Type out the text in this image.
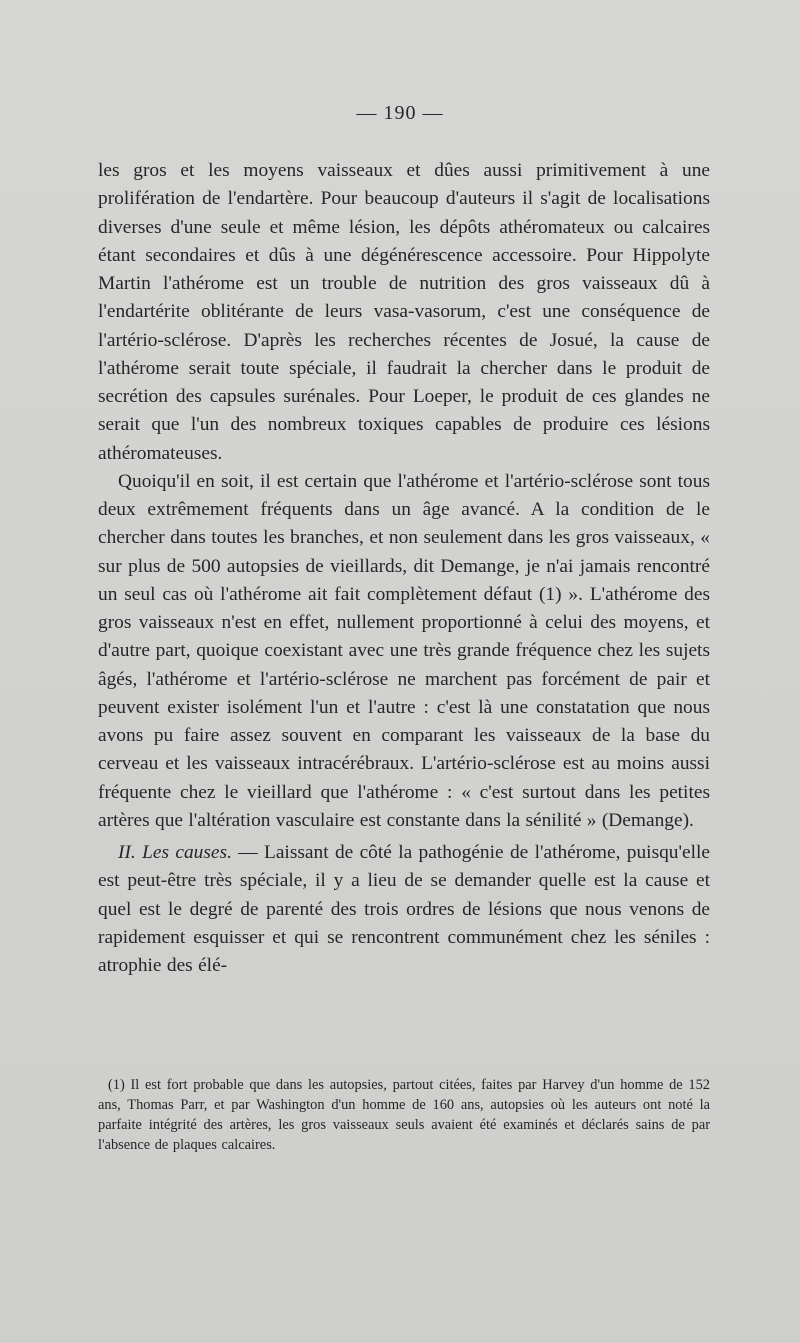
— 190 —

les gros et les moyens vaisseaux et dûes aussi primitivement à une prolifération de l'endartère. Pour beaucoup d'auteurs il s'agit de localisations diverses d'une seule et même lésion, les dépôts athéromateux ou calcaires étant secondaires et dûs à une dégénérescence accessoire. Pour Hippolyte Martin l'athérome est un trouble de nutrition des gros vaisseaux dû à l'endartérite oblitérante de leurs vasa-vasorum, c'est une conséquence de l'artério-sclérose. D'après les recherches récentes de Josué, la cause de l'athérome serait toute spéciale, il faudrait la chercher dans le produit de secrétion des capsules surénales. Pour Loeper, le produit de ces glandes ne serait que l'un des nombreux toxiques capables de produire ces lésions athéromateuses.

Quoiqu'il en soit, il est certain que l'athérome et l'artério-sclérose sont tous deux extrêmement fréquents dans un âge avancé. A la condition de le chercher dans toutes les branches, et non seulement dans les gros vaisseaux, « sur plus de 500 autopsies de vieillards, dit Demange, je n'ai jamais rencontré un seul cas où l'athérome ait fait complètement défaut (1) ». L'athérome des gros vaisseaux n'est en effet, nullement proportionné à celui des moyens, et d'autre part, quoique coexistant avec une très grande fréquence chez les sujets âgés, l'athérome et l'artério-sclérose ne marchent pas forcément de pair et peuvent exister isolément l'un et l'autre : c'est là une constatation que nous avons pu faire assez souvent en comparant les vaisseaux de la base du cerveau et les vaisseaux intracérébraux. L'artério-sclérose est au moins aussi fréquente chez le vieillard que l'athérome : « c'est surtout dans les petites artères que l'altération vasculaire est constante dans la sénilité » (Demange).

II. Les causes. — Laissant de côté la pathogénie de l'athérome, puisqu'elle est peut-être très spéciale, il y a lieu de se demander quelle est la cause et quel est le degré de parenté des trois ordres de lésions que nous venons de rapidement esquisser et qui se rencontrent communément chez les séniles : atrophie des élé-

(1) Il est fort probable que dans les autopsies, partout citées, faites par Harvey d'un homme de 152 ans, Thomas Parr, et par Washington d'un homme de 160 ans, autopsies où les auteurs ont noté la parfaite intégrité des artères, les gros vaisseaux seuls avaient été examinés et déclarés sains de par l'absence de plaques calcaires.
